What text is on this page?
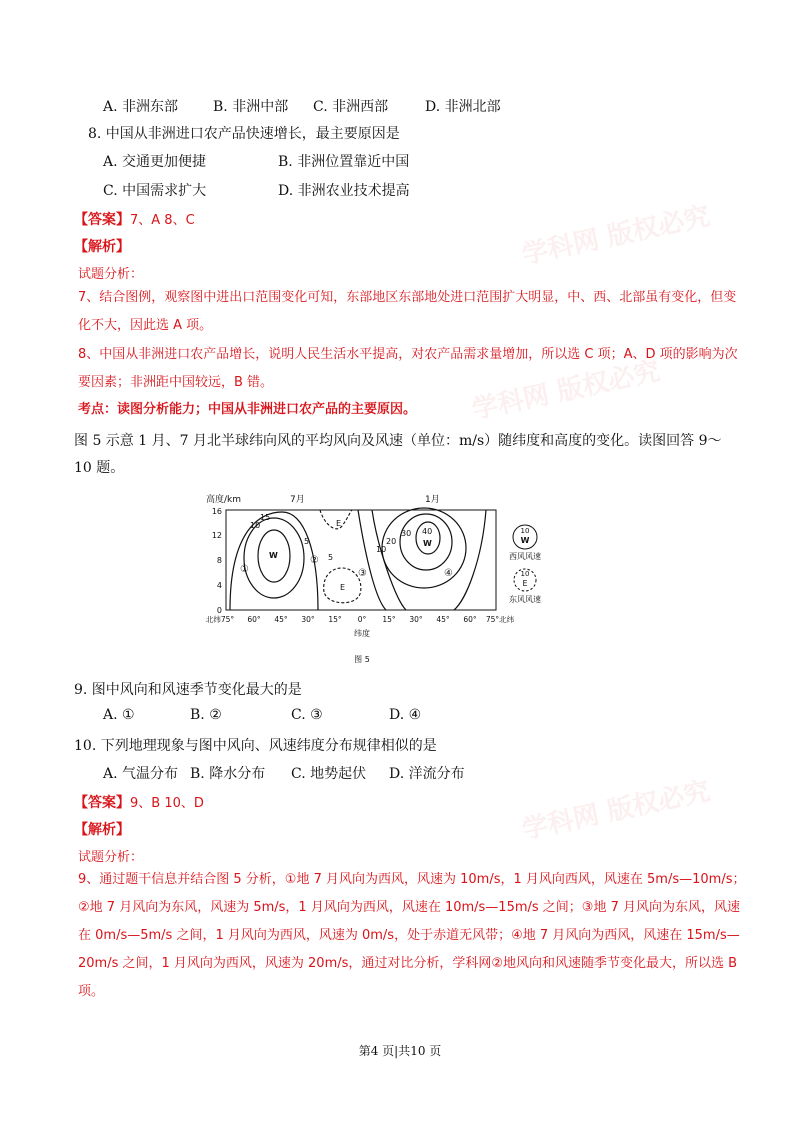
学科网 版权必究
学科网 版权必究
学科网 版权必究
A. 非洲东部 B. 非洲中部 C. 非洲西部	D. 非洲北部
8. 中国从非洲进口农产品快速增长，最主要原因是
A. 交通更加便捷	B. 非洲位置靠近中国
C. 中国需求扩大	D. 非洲农业技术提高
【答案】7、A 8、C
【解析】
试题分析：
7、结合图例，观察图中进出口范围变化可知，东部地区东部地处进口范围扩大明显，中、西、北部虽有变化，但变化不大，因此选 A 项。
8、中国从非洲进口农产品增长，说明人民生活水平提高，对农产品需求量增加，所以选 C 项；A、D 项的影响为次要因素；非洲距中国较远，B 错。
考点：读图分析能力；中国从非洲进口农产品的主要原因。
图 5 示意 1 月、7 月北半球纬向风的平均风向及风速（单位：m/s）随纬度和高度的变化。读图回答 9～10 题。
高度/km	7月	1月
16
12
8
4
0
15
10
5
W
E
5
E
30
20
10
40
W
①
②
③	④
北纬75° 60° 45° 30° 15° 0° 15° 30° 45° 60° 75°北纬
纬度
图 5
10
W
西风风速
10
E
东风风速
9. 图中风向和风速季节变化最大的是
A. ①	B. ②	C. ③	D. ④
10. 下列地理现象与图中风向、风速纬度分布规律相似的是
A. 气温分布 B. 降水分布 C. 地势起伏 D. 洋流分布
【答案】9、B 10、D
【解析】
试题分析：
9、通过题干信息并结合图 5 分析，①地 7 月风向为西风，风速为 10m/s，1 月风向西风，风速在 5m/s—10m/s；②地 7 月风向为东风，风速为 5m/s，1 月风向为西风，风速在 10m/s—15m/s 之间；③地 7 月风向为东风，风速在 0m/s—5m/s 之间，1 月风向为西风，风速为 0m/s，处于赤道无风带；④地 7 月风向为西风，风速在 15m/s—20m/s 之间，1 月风向为西风，风速为 20m/s，通过对比分析，学科网②地风向和风速随季节变化最大，所以选 B 项。
第4 页|共10 页
